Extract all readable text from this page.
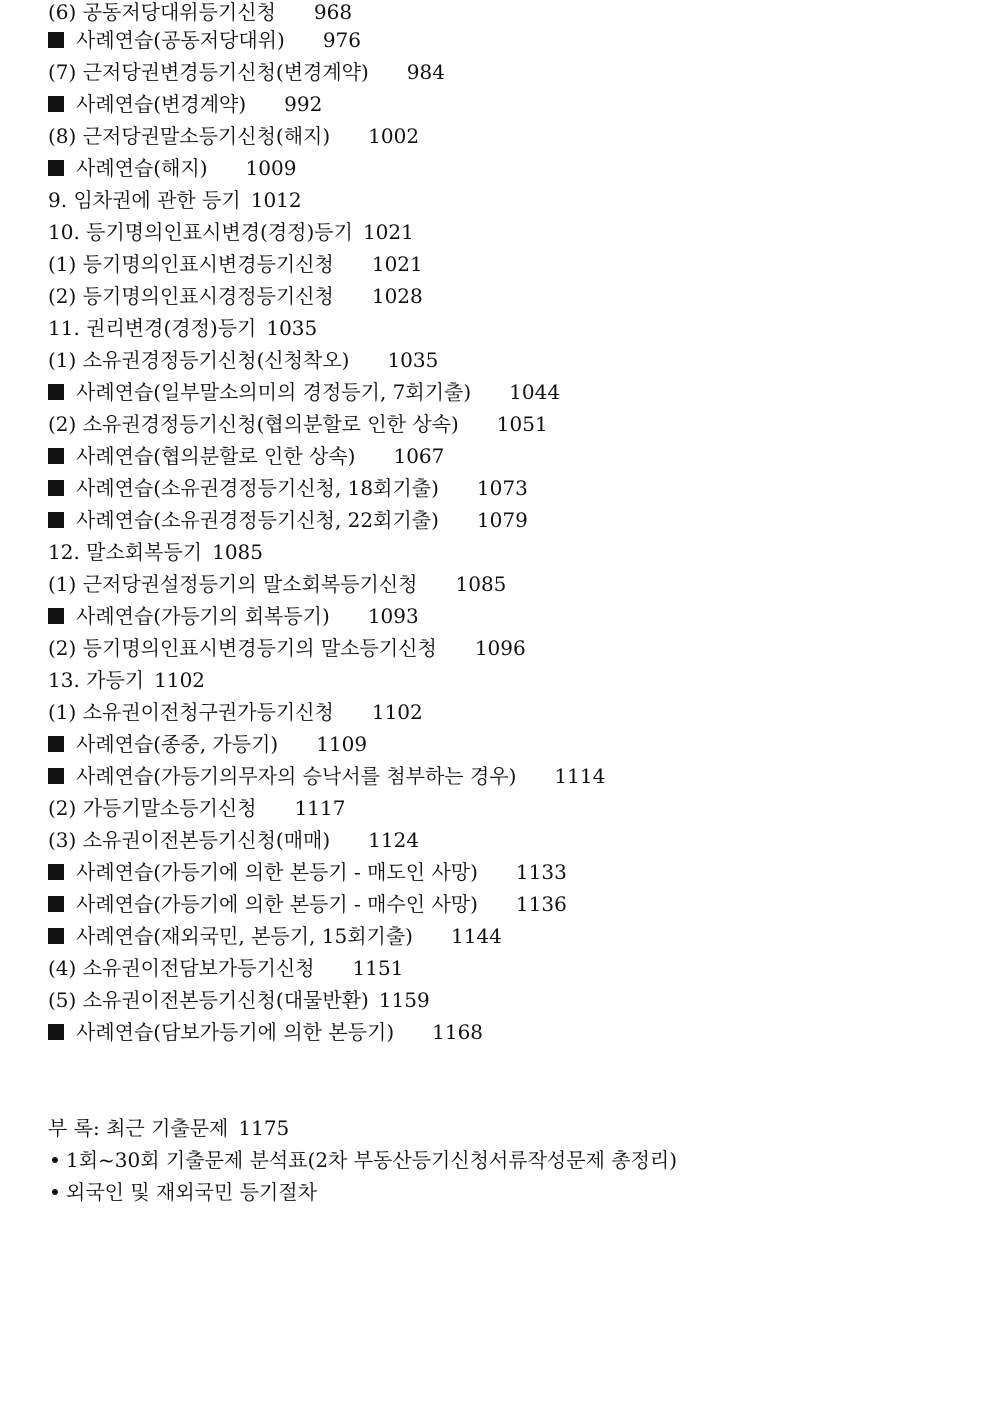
(6) 공동저당대위등기신청 968
사례연습(공동저당대위) 976
(7) 근저당권변경등기신청(변경계약) 984
사례연습(변경계약) 992
(8) 근저당권말소등기신청(해지) 1002
사례연습(해지) 1009
9. 임차권에 관한 등기 1012
10. 등기명의인표시변경(경정)등기 1021
(1) 등기명의인표시변경등기신청 1021
(2) 등기명의인표시경정등기신청 1028
11. 권리변경(경정)등기 1035
(1) 소유권경정등기신청(신청착오) 1035
사례연습(일부말소의미의 경정등기, 7회기출) 1044
(2) 소유권경정등기신청(협의분할로 인한 상속) 1051
사례연습(협의분할로 인한 상속) 1067
사례연습(소유권경정등기신청, 18회기출) 1073
사례연습(소유권경정등기신청, 22회기출) 1079
12. 말소회복등기 1085
(1) 근저당권설정등기의 말소회복등기신청 1085
사례연습(가등기의 회복등기) 1093
(2) 등기명의인표시변경등기의 말소등기신청 1096
13. 가등기 1102
(1) 소유권이전청구권가등기신청 1102
사례연습(종중, 가등기) 1109
사례연습(가등기의무자의 승낙서를 첨부하는 경우) 1114
(2) 가등기말소등기신청 1117
(3) 소유권이전본등기신청(매매) 1124
사례연습(가등기에 의한 본등기 - 매도인 사망) 1133
사례연습(가등기에 의한 본등기 - 매수인 사망) 1136
사례연습(재외국민, 본등기, 15회기출) 1144
(4) 소유권이전담보가등기신청 1151
(5) 소유권이전본등기신청(대물반환) 1159
사례연습(담보가등기에 의한 본등기) 1168
부 록: 최근 기출문제 1175
1회~30회 기출문제 분석표(2차 부동산등기신청서류작성문제 총정리)
외국인 및 재외국민 등기절차
